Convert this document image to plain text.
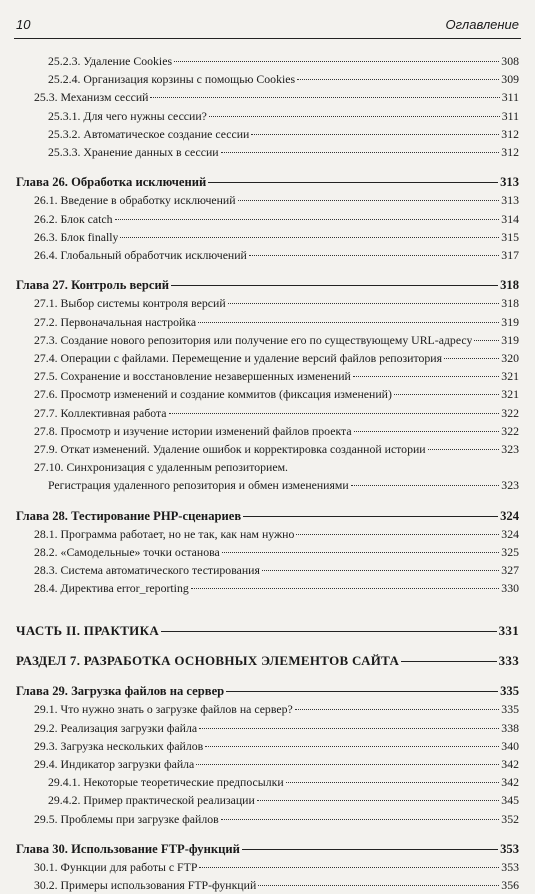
10	Оглавление
25.2.3. Удаление Cookies	308
25.2.4. Организация корзины с помощью Cookies	309
25.3. Механизм сессий	311
25.3.1. Для чего нужны сессии?	311
25.3.2. Автоматическое создание сессии	312
25.3.3. Хранение данных в сессии	312
Глава 26. Обработка исключений	313
26.1. Введение в обработку исключений	313
26.2. Блок catch	314
26.3. Блок finally	315
26.4. Глобальный обработчик исключений	317
Глава 27. Контроль версий	318
27.1. Выбор системы контроля версий	318
27.2. Первоначальная настройка	319
27.3. Создание нового репозитория или получение его по существующему URL-адресу 319
27.4. Операции с файлами. Перемещение и удаление версий файлов репозитория	320
27.5. Сохранение и восстановление незавершенных изменений	321
27.6. Просмотр изменений и создание коммитов (фиксация изменений)	321
27.7. Коллективная работа	322
27.8. Просмотр и изучение истории изменений файлов проекта	322
27.9. Откат изменений. Удаление ошибок и корректировка созданной истории	323
27.10. Синхронизация с удаленным репозиторием.
Регистрация удаленного репозитория и обмен изменениями	323
Глава 28. Тестирование PHP-сценариев	324
28.1. Программа работает, но не так, как нам нужно	324
28.2. «Самодельные» точки останова	325
28.3. Система автоматического тестирования	327
28.4. Директива error_reporting	330
ЧАСТЬ II. ПРАКТИКА	331
РАЗДЕЛ 7. РАЗРАБОТКА ОСНОВНЫХ ЭЛЕМЕНТОВ САЙТА	333
Глава 29. Загрузка файлов на сервер	335
29.1. Что нужно знать о загрузке файлов на сервер?	335
29.2. Реализация загрузки файла	338
29.3. Загрузка нескольких файлов	340
29.4. Индикатор загрузки файла	342
29.4.1. Некоторые теоретические предпосылки	342
29.4.2. Пример практической реализации	345
29.5. Проблемы при загрузке файлов	352
Глава 30. Использование FTP-функций	353
30.1. Функции для работы с FTP	353
30.2. Примеры использования FTP-функций	356
